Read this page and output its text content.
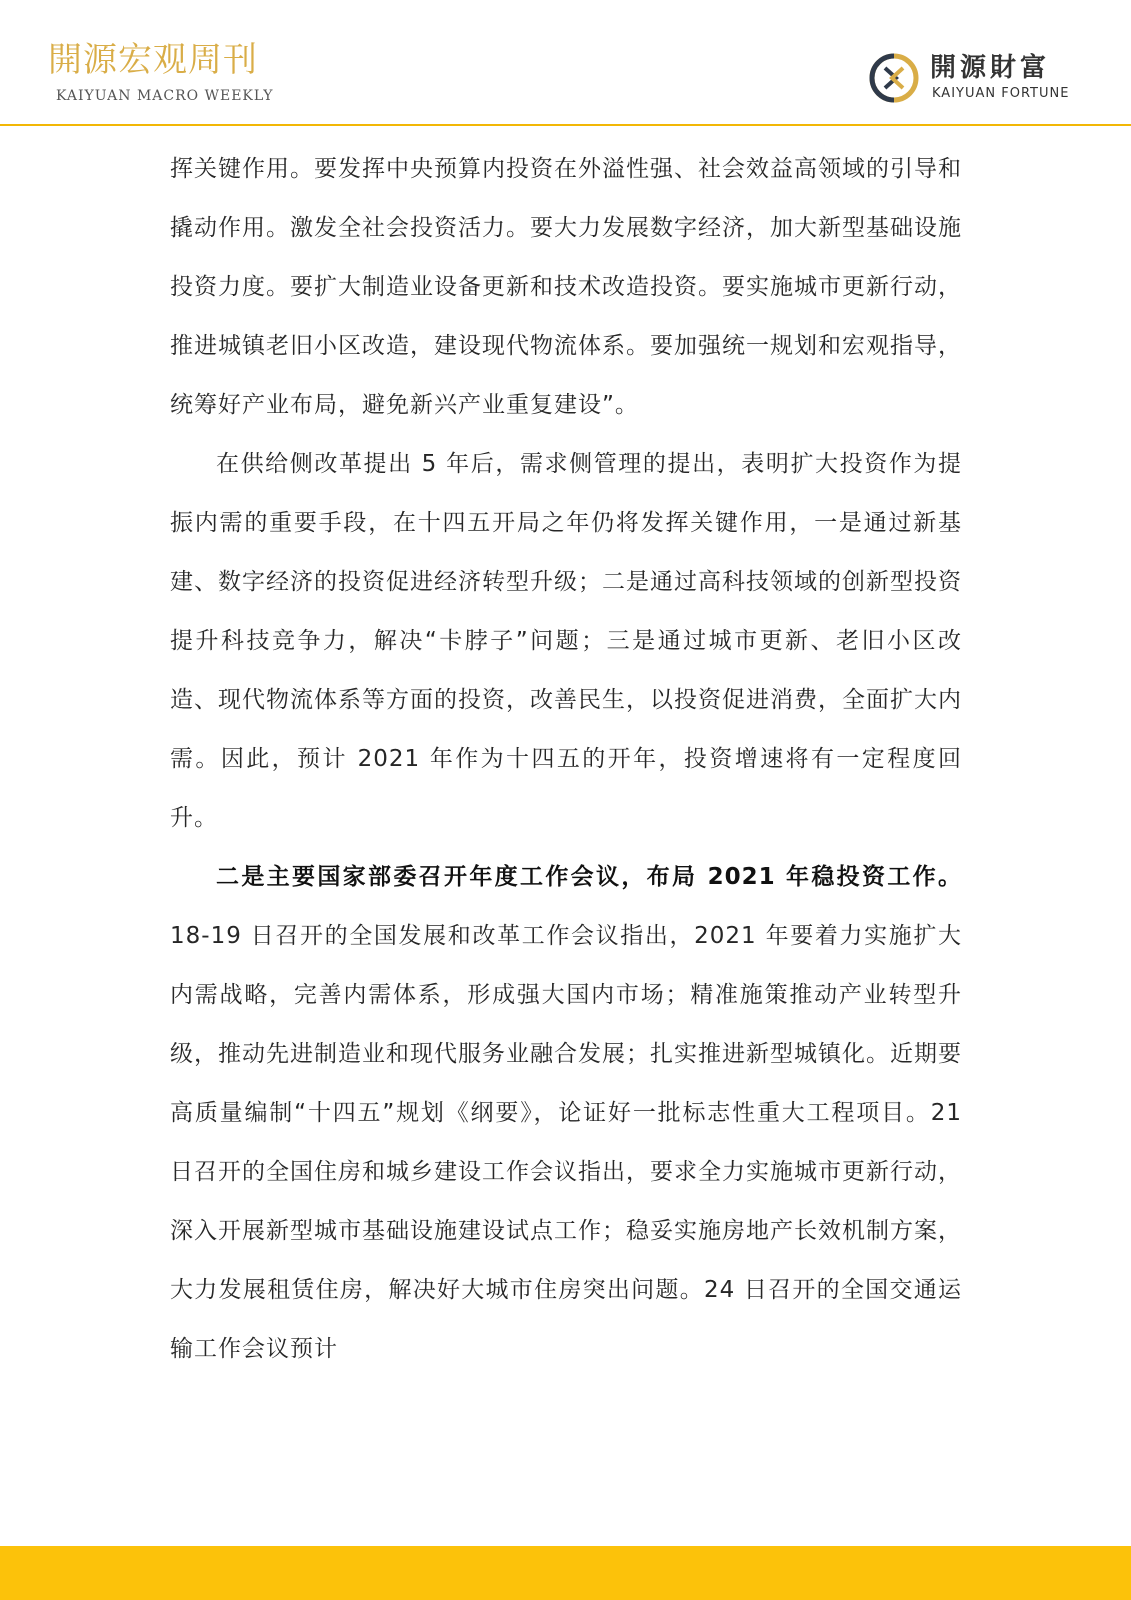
開源宏观周刊
KAIYUAN MACRO WEEKLY
開源財富
KAIYUAN FORTUNE

挥关键作用。要发挥中央预算内投资在外溢性强、社会效益高领域的引导和撬动作用。激发全社会投资活力。要大力发展数字经济，加大新型基础设施投资力度。要扩大制造业设备更新和技术改造投资。要实施城市更新行动，推进城镇老旧小区改造，建设现代物流体系。要加强统一规划和宏观指导，统筹好产业布局，避免新兴产业重复建设”。

在供给侧改革提出 5 年后，需求侧管理的提出，表明扩大投资作为提振内需的重要手段，在十四五开局之年仍将发挥关键作用，一是通过新基建、数字经济的投资促进经济转型升级；二是通过高科技领域的创新型投资提升科技竞争力，解决“卡脖子”问题；三是通过城市更新、老旧小区改造、现代物流体系等方面的投资，改善民生，以投资促进消费，全面扩大内需。因此，预计 2021 年作为十四五的开年，投资增速将有一定程度回升。

二是主要国家部委召开年度工作会议，布局 2021 年稳投资工作。18-19 日召开的全国发展和改革工作会议指出，2021 年要着力实施扩大内需战略，完善内需体系，形成强大国内市场；精准施策推动产业转型升级，推动先进制造业和现代服务业融合发展；扎实推进新型城镇化。近期要高质量编制“十四五”规划《纲要》，论证好一批标志性重大工程项目。21 日召开的全国住房和城乡建设工作会议指出，要求全力实施城市更新行动，深入开展新型城市基础设施建设试点工作；稳妥实施房地产长效机制方案，大力发展租赁住房，解决好大城市住房突出问题。24 日召开的全国交通运输工作会议预计
